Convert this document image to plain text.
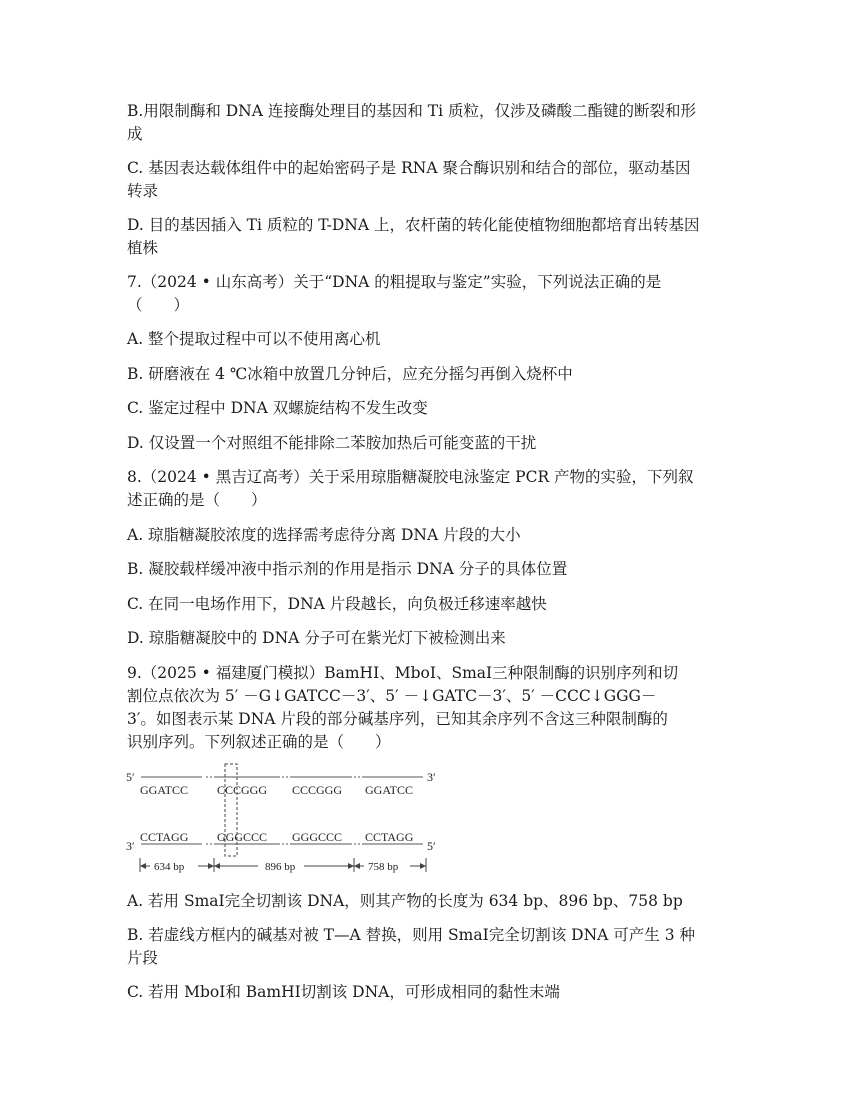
B.用限制酶和 DNA 连接酶处理目的基因和 Ti 质粒，仅涉及磷酸二酯键的断裂和形

成

C. 基因表达载体组件中的起始密码子是 RNA 聚合酶识别和结合的部位，驱动基因

转录

D. 目的基因插入 Ti 质粒的 T-DNA 上，农杆菌的转化能使植物细胞都培育出转基因

植株

7.（2024 • 山东高考）关于“DNA 的粗提取与鉴定”实验，下列说法正确的是

（　　）

A. 整个提取过程中可以不使用离心机

B. 研磨液在 4 ℃冰箱中放置几分钟后，应充分摇匀再倒入烧杯中

C. 鉴定过程中 DNA 双螺旋结构不发生改变

D. 仅设置一个对照组不能排除二苯胺加热后可能变蓝的干扰

8.（2024 • 黑吉辽高考）关于采用琼脂糖凝胶电泳鉴定 PCR 产物的实验，下列叙

述正确的是（　　）

A. 琼脂糖凝胶浓度的选择需考虑待分离 DNA 片段的大小

B. 凝胶载样缓冲液中指示剂的作用是指示 DNA 分子的具体位置

C. 在同一电场作用下，DNA 片段越长，向负极迁移速率越快

D. 琼脂糖凝胶中的 DNA 分子可在紫光灯下被检测出来

9.（2025 • 福建厦门模拟）BamHⅠ、MboⅠ、SmaⅠ三种限制酶的识别序列和切

割位点依次为 5′ －G↓GATCC－3′、5′ －↓GATC－3′、5′ －CCC↓GGG－

3′。如图表示某 DNA 片段的部分碱基序列，已知其余序列不含这三种限制酶的

识别序列。下列叙述正确的是（　　）

5′	3′
GGATCC CCCGGG CCCGGG GGATCC
CCTAGG GGGCCC GGGCCC CCTAGG
3′	5′
634 bp	896 bp	758 bp

A. 若用 SmaⅠ完全切割该 DNA，则其产物的长度为 634 bp、896 bp、758 bp

B. 若虚线方框内的碱基对被 T—A 替换，则用 SmaⅠ完全切割该 DNA 可产生 3 种

片段

C. 若用 MboⅠ和 BamHⅠ切割该 DNA，可形成相同的黏性末端
